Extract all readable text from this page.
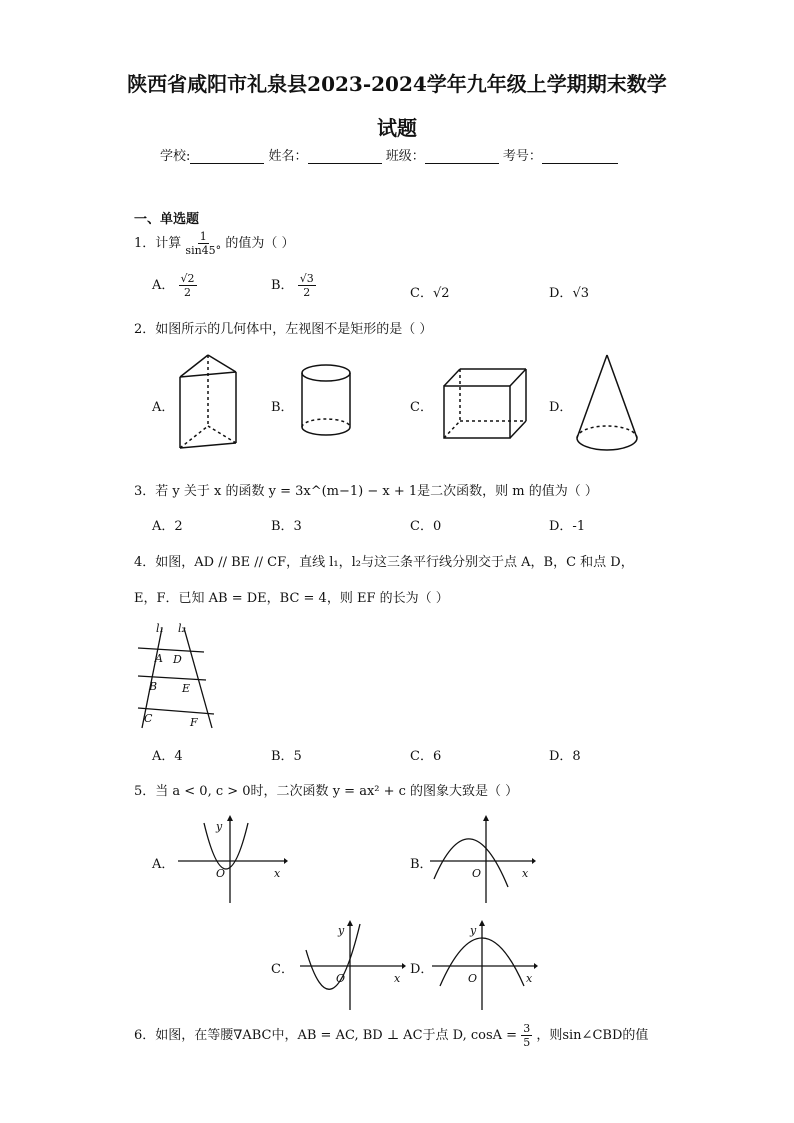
陕西省咸阳市礼泉县2023-2024学年九年级上学期期末数学
试题
学校:	姓名：	班级：	考号：
一、单选题
1．计算 $\frac{1}{\sin 45^\circ}$ 的值为（ ）
A． $\frac{√2}{2}$	B． $\frac{√3}{2}$	C．√2	D．√3
2．如图所示的几何体中，左视图不是矩形的是（ ）
A．	B．	C．	D．
3．若 y 关于 x 的函数 y = 3x^(m−1) − x + 1是二次函数，则 m 的值为（ ）
A．2	B．3	C．0	D．-1
4．如图，AD // BE // CF，直线 l₁，l₂与这三条平行线分别交于点 A，B，C 和点 D，
E，F．已知 AB = DE，BC = 4，则 EF 的长为（ ）
l₁ l₂
A D
B E
C	F
A．4	B．5	C．6	D．8
5．当 a < 0, c > 0时，二次函数 y = ax² + c 的图象大致是（ ）
A．
y
x
O
B．
O	x
C．
y
x
O
D．
y
x
O
6．如图，在等腰∇ABC中，AB = AC, BD ⊥ AC于点 D, $\cos A = \frac{3}{5}$ ，则sin∠CBD的值
